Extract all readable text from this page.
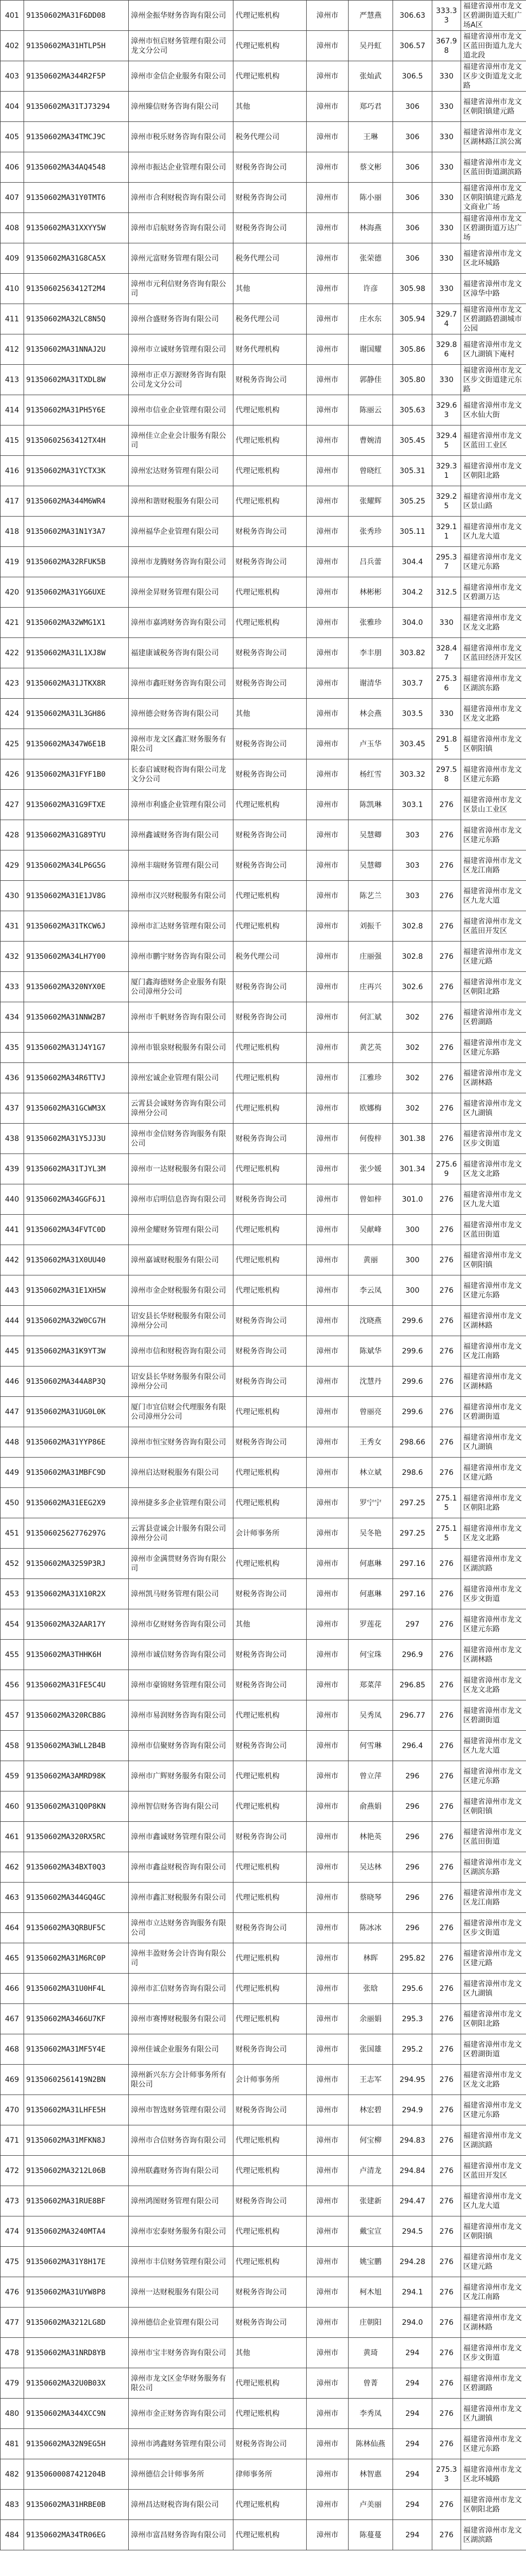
401	91350602MA31F6DD08	漳州金振华财务咨询有限公司	代理记账机构	漳州市	严慧燕	306.63	333.33	福建省漳州市龙文区碧湖街道天虹广场A区
402	91350602MA31HTLP5H	漳州市恒启财务管理有限公司龙文分公司	代理记账机构	漳州市	吴丹虹	306.57	367.98	福建省漳州市龙文区蓝田街道九龙大道北段
403	91350602MA344R2F5P	漳州市金信企业服务有限公司	代理记账机构	漳州市	张灿武	306.5	330	福建省漳州市龙文区步文街道龙文北路
404	91350602MA31TJ73294	漳州臻信财务咨询有限公司	其他	漳州市	郑巧君	306	330	福建省漳州市龙文区朝阳镇建元路
405	91350602MA34TMCJ9C	漳州市税乐财务咨询有限公司	税务代理公司	漳州市	王琳	306	330	福建省漳州市龙文区湖林路江滨公寓
406	91350602MA34AQ4548	漳州市振达企业管理有限公司	财税务咨询公司	漳州市	蔡文彬	306	330	福建省漳州市龙文区蓝田街道湖滨路
407	91350602MA31Y0TMT6	漳州市合利财税咨询有限公司	财税务咨询公司	漳州市	陈小丽	306	330	福建省漳州市龙文区朝阳镇建元路龙文商业广场
408	91350602MA31XXYY5W	漳州市启航财务咨询有限公司	财税务咨询公司	漳州市	林海燕	306	330	福建省漳州市龙文区碧湖街道万达广场
409	91350602MA31G8CA5X	漳州元富财务管理有限公司	税务代理公司	漳州市	张荣德	306	330	福建省漳州市龙文区北环城路
410	91350602563412T2M4	漳州市元利信财务咨询有限公司	其他	漳州市	许彦	305.98	330	福建省漳州市龙文区漳华中路
411	91350602MA32LC8N5Q	漳州合盛财务咨询有限公司	税务代理公司	漳州市	庄水东	305.94	329.74	福建省漳州市龙文区碧湖路碧湖城市公园
412	91350602MA31NNAJ2U	漳州市立诚财务管理有限公司	财务代理机构	漳州市	谢国耀	305.86	329.86	福建省漳州市龙文区九湖镇下庵村
413	91350602MA31TXDL8W	漳州市正卓万源财务咨询有限公司龙文分公司	财税务咨询公司	漳州市	郭静佳	305.80	330	福建省漳州市龙文区步文街道建元东路
414	91350602MA31PH5Y6E	漳州市信业企业管理有限公司	代理记账机构	漳州市	陈丽云	305.63	329.63	福建省漳州市龙文区水仙大街
415	91350602563412TX4H	漳州佳立企业会计服务有限公司	代理记账机构	漳州市	曹婉清	305.45	329.45	福建省漳州市龙文区蓝田工业区
416	91350602MA31YCTX3K	漳州宏达财务管理有限公司	代理记账机构	漳州市	曾晓红	305.31	329.31	福建省漳州市龙文区朝阳北路
417	91350602MA344M6WR4	漳州和谐财税服务有限公司	代理记账机构	漳州市	张耀辉	305.25	329.25	福建省漳州市龙文区景山路
418	91350602MA31N1Y3A7	漳州福华企业管理有限公司	财税务咨询公司	漳州市	张秀珍	305.11	329.11	福建省漳州市龙文区九龙大道
419	91350602MA32RFUK5B	漳州市龙腾财务咨询有限公司	财税务咨询公司	漳州市	吕兵蕾	304.4	295.37	福建省漳州市龙文区建元东路
420	91350602MA31YG6UXE	漳州金昇财务管理有限公司	代理记账机构	漳州市	林彬彬	304.2	312.5	福建省漳州市龙文区碧湖万达
421	91350602MA32WMG1X1	漳州市嘉鸿财务咨询有限公司	代理记账机构	漳州市	张雅珍	304.0	330	福建省漳州市龙文区龙文北路
422	91350602MA31L1XJ8W	福建康诚税务咨询有限公司	财税务咨询公司	漳州市	李丰朋	303.82	328.47	福建省漳州市龙文区蓝田经济开发区
423	91350602MA31JTKX8R	漳州市鑫旺财务咨询有限公司	财税务咨询公司	漳州市	谢清华	303.7	275.36	福建省漳州市龙文区湖滨东路
424	91350602MA31L3GH86	漳州德会财务咨询有限公司	其他	漳州市	林会燕	303.5	330	福建省漳州市龙文区龙文北路
425	91350602MA347W6E1B	漳州市龙文区鑫汇财务服务有限公司	财税务咨询公司	漳州市	卢玉华	303.45	291.85	福建省漳州市龙文区朝阳镇
426	91350602MA31FYF1B0	长泰启诚财税咨询有限公司龙文分公司	财税务咨询公司	漳州市	杨红雪	303.32	297.58	福建省漳州市龙文区建元东路
427	91350602MA31G9FTXE	漳州市利盛企业管理有限公司	代理记账机构	漳州市	陈凯琳	303.1	276	福建省漳州市龙文区景山工业区
428	91350602MA31G89TYU	漳州鑫诚财务咨询有限公司	财税务咨询公司	漳州市	吴慧卿	303	276	福建省漳州市龙文区建元东路
429	91350602MA34LP6G5G	漳州丰瑞财务管理有限公司	财税务咨询公司	漳州市	吴慧卿	303	276	福建省漳州市龙文区龙江南路
430	91350602MA31E1JV8G	漳州市汉兴财税服务有限公司	代理记账机构	漳州市	陈艺兰	303	276	福建省漳州市龙文区九龙大道
431	91350602MA31TKCW6J	漳州市汇达财务管理有限公司	代理记账机构	漳州市	刘振千	302.8	276	福建省漳州市龙文区蓝田开发区
432	91350602MA34LH7Y00	漳州市鹏宇财务咨询有限公司	税务代理公司	漳州市	庄丽强	302.8	276	福建省漳州市龙文区建元路
433	91350602MA320NYX0E	厦门鑫海德财务企业服务有限公司漳州分公司	财税务咨询公司	漳州市	庄再兴	302.6	276	福建省漳州市龙文区朝阳北路
434	91350602MA31NNW2B7	漳州市千帆财务咨询有限公司	财税务咨询公司	漳州市	何汇斌	302	276	福建省漳州市龙文区碧湖路
435	91350602MA31J4Y1G7	漳州市银泉财税服务有限公司	代理记账机构	漳州市	黄艺英	302	276	福建省漳州市龙文区建元东路
436	91350602MA34R6TTVJ	漳州宏诚企业管理有限公司	代理记账机构	漳州市	江雅珍	302	276	福建省漳州市龙文区湖林路
437	91350602MA31GCWM3X	云霄县会诚财务咨询有限公司漳州分公司	代理记账机构	漳州市	欧娜梅	302	276	福建省漳州市龙文区九湖镇
438	91350602MA31Y5JJ3U	漳州市金信财务咨询服务有限公司	财税务咨询公司	漳州市	何俊梓	301.38	276	福建省漳州市龙文区步文街道
439	91350602MA31TJYL3M	漳州市一达财税服务有限公司	代理记账机构	漳州市	张少媛	301.34	275.69	福建省漳州市龙文区龙文北路
440	91350602MA34GGF6J1	漳州市启明信息咨询有限公司	财税务咨询公司	漳州市	曾如梓	301.0	276	福建省漳州市龙文区九龙大道
441	91350602MA34FVTC0D	漳州金耀财务管理有限公司	代理记账机构	漳州市	吴献峰	300	276	福建省漳州市龙文区蓝田街道
442	91350602MA31X0UU40	漳州嘉诚财税服务有限公司	代理记账机构	漳州市	黄丽	300	276	福建省漳州市龙文区朝阳镇
443	91350602MA31E1XH5W	漳州市金企财税服务有限公司	代理记账机构	漳州市	李云凤	300	276	福建省漳州市龙文区建元东路
444	91350602MA32W0CG7H	诏安县长华财税服务有限公司漳州分公司	财税务咨询公司	漳州市	沈晓燕	299.6	276	福建省漳州市龙文区湖林路
445	91350602MA31K9YT3W	漳州市信和财税咨询有限公司	财税务咨询公司	漳州市	陈斌华	299.6	276	福建省漳州市龙文区龙江南路
446	91350602MA344A8P3Q	诏安县长华财务服务有限公司漳州分公司	财税务咨询公司	漳州市	沈慧丹	299.6	276	福建省漳州市龙文区湖林路
447	91350602MA31UG0L0K	厦门市宜信财会代理服务有限公司漳州分公司	代理记账机构	漳州市	曾丽亮	299.6	276	福建省漳州市龙文区碧湖街道
448	91350602MA31YYP86E	漳州市恒宝财务咨询有限公司	财税务咨询公司	漳州市	王秀女	298.66	276	福建省漳州市龙文区九湖镇
449	91350602MA31MBFC9D	漳州启达财税服务有限公司	代理记账机构	漳州市	林立斌	298.6	276	福建省漳州市龙文区建元路
450	91350602MA31EEG2X9	漳州捷多多企业管理有限公司	代理记账机构	漳州市	罗宁宁	297.25	275.15	福建省漳州市龙文区朝阳北路
451	91350602562776297G	云霄县壹诚会计服务有限公司漳州分公司	会计师事务所	漳州市	吴冬艳	297.25	275.15	福建省漳州市龙文区龙文北路
452	91350602MA3259P3RJ	漳州市金满贯财务咨询有限公司	代理记账机构	漳州市	何惠琳	297.16	276	福建省漳州市龙文区湖滨路
453	91350602MA31X10R2X	漳州凯马财务管理有限公司	财税务咨询公司	漳州市	何惠琳	297.16	276	福建省漳州市龙文区步文街道
454	91350602MA32AAR17Y	漳州市亿财财务咨询有限公司	其他	漳州市	罗莲花	297	276	福建省漳州市龙文区建元东路
455	91350602MA3THHK6H	漳州市诚信财务咨询有限公司	财税务咨询公司	漳州市	何宝珠	296.9	276	福建省漳州市龙文区湖林路
456	91350602MA31FE5C4U	漳州市豪锦财务管理有限公司	财税务咨询公司	漳州市	郑菜萍	296.85	276	福建省漳州市龙文区龙文北路
457	91350602MA320RCB8G	漳州市易润财务咨询有限公司	代理记账机构	漳州市	吴秀凤	296.77	276	福建省漳州市龙文区碧湖街道
458	91350602MA3WLL2B4B	漳州市信聚财务咨询有限公司	财税务咨询公司	漳州市	何雪琳	296.4	276	福建省漳州市龙文区九龙大道
459	91350602MA3AMRD98K	漳州市广辉财务服务有限公司	代理记账机构	漳州市	曾立萍	296	276	福建省漳州市龙文区建元东路
460	91350602MA31Q0P8KN	漳州智信财务咨询有限公司	代理记账机构	漳州市	俞燕娟	296	276	福建省漳州市龙文区朝阳镇
461	91350602MA320RX5RC	漳州市鑫诚财务管理有限公司	财税务咨询公司	漳州市	林艳英	296	276	福建省漳州市龙文区蓝田街道
462	91350602MA34BXT0Q3	漳州市鑫益财税咨询有限公司	代理记账机构	漳州市	吴达林	296	276	福建省漳州市龙文区湖滨东路
463	91350602MA344GQ4GC	漳州市鑫汇财税服务有限公司	代理记账机构	漳州市	蔡晓琴	296	276	福建省漳州市龙文区龙江南路
464	91350602MA3QRBUF5C	漳州市立达财务咨询服务有限公司	财税务咨询公司	漳州市	陈冰冰	296	276	福建省漳州市龙文区步文街道
465	91350602MA31M6RC0P	漳州丰盈财务会计咨询有限公司	代理记账机构	漳州市	林晖	295.82	276	福建省漳州市龙文区建元路
466	91350602MA31U0HF4L	漳州市汇信财务咨询有限公司	代理记账机构	漳州市	张晗	295.6	276	福建省漳州市龙文区九湖镇
467	91350602MA3466U7KF	漳州市赛博财税服务有限公司	代理记账机构	漳州市	余丽娟	295.3	276	福建省漳州市龙文区朝阳北路
468	91350602MA31MF5Y4E	漳州佳诚企业服务有限公司	财税务咨询公司	漳州市	张国雄	295.2	276	福建省漳州市龙文区碧湖街道
469	91350602561419N2BN	漳州新兴东方会计师事务所有限公司	会计师事务所	漳州市	王志军	294.95	276	福建省漳州市龙文区龙文北路
470	91350602MA31LHFE5H	漳州市智选财务管理有限公司	财税务咨询公司	漳州市	林宏碧	294.9	276	福建省漳州市龙文区建元东路
471	91350602MA31MFKN8J	漳州市合信财务咨询有限公司	代理记账机构	漳州市	何宝柳	294.83	276	福建省漳州市龙文区湖滨路
472	91350602MA3212L06B	漳州联鑫财务咨询有限公司	代理记账机构	漳州市	卢清龙	294.84	276	福建省漳州市龙文区蓝田开发区
473	91350602MA31RUE8BF	漳州鸿图财务管理有限公司	财税务咨询公司	漳州市	张建新	294.47	276	福建省漳州市龙文区九龙大道
474	91350602MA3240MTA4	漳州市宏泰财务服务有限公司	代理记账机构	漳州市	戴宝宣	294.5	276	福建省漳州市龙文区朝阳镇
475	91350602MA31Y8H17E	漳州市丰信财务管理有限公司	代理记账机构	漳州市	姚宝鹏	294.28	276	福建省漳州市龙文区建元路
476	91350602MA31UYW8P8	漳州一达财税服务有限公司	财税务咨询公司	漳州市	柯木旭	294.1	276	福建省漳州市龙文区龙江南路
477	91350602MA3212LG8D	漳州德信企业管理有限公司	财税务咨询公司	漳州市	庄朝阳	294.0	276	福建省漳州市龙文区湖林路
478	91350602MA31NRD8YB	漳州市宝丰财务咨询有限公司	其他	漳州市	黄琦	294	276	福建省漳州市龙文区步文街道
479	91350602MA32U0B03X	漳州市龙文区金华财务服务有限公司	代理记账机构	漳州市	曾菁	294	276	福建省漳州市龙文区碧湖路
480	91350602MA344XCC9N	漳州市金正财务咨询有限公司	代理记账机构	漳州市	李秀凤	294	276	福建省漳州市龙文区九湖镇
481	91350602MA32N9EG5H	漳州市鸿鑫财务管理有限公司	财税务咨询公司	漳州市	陈林仙燕	294	276	福建省漳州市龙文区建元东路
482	91350600087421204B	漳州德信会计师事务所	律师事务所	漳州市	林智惠	294	275.33	福建省漳州市龙文区北环城路
483	91350602MA31HRBE0B	漳州昌达财税咨询有限公司	代理记账机构	漳州市	卢美丽	294	276	福建省漳州市龙文区朝阳北路
484	91350602MA34TR06EG	漳州市富昌财务咨询有限公司	代理记账机构	漳州市	陈蔓蔓	294	276	福建省漳州市龙文区湖滨路
